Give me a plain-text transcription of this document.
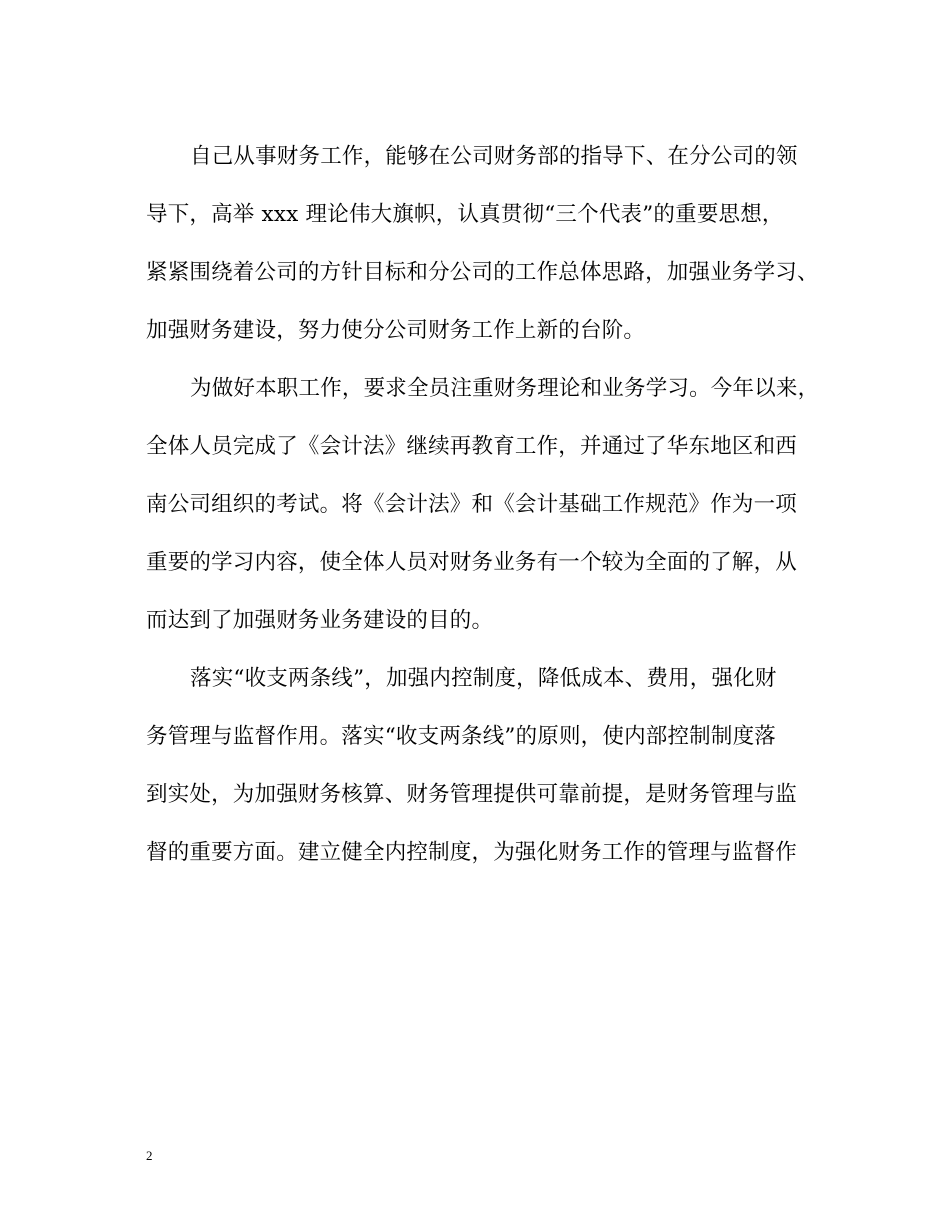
自己从事财务工作，能够在公司财务部的指导下、在分公司的领
导下，高举 xxx 理论伟大旗帜，认真贯彻“三个代表”的重要思想，
紧紧围绕着公司的方针目标和分公司的工作总体思路，加强业务学习、
加强财务建设，努力使分公司财务工作上新的台阶。
为做好本职工作，要求全员注重财务理论和业务学习。今年以来，
全体人员完成了《会计法》继续再教育工作，并通过了华东地区和西
南公司组织的考试。将《会计法》和《会计基础工作规范》作为一项
重要的学习内容，使全体人员对财务业务有一个较为全面的了解，从
而达到了加强财务业务建设的目的。
落实“收支两条线”，加强内控制度，降低成本、费用，强化财
务管理与监督作用。落实“收支两条线”的原则，使内部控制制度落
到实处，为加强财务核算、财务管理提供可靠前提，是财务管理与监
督的重要方面。建立健全内控制度，为强化财务工作的管理与监督作
2
